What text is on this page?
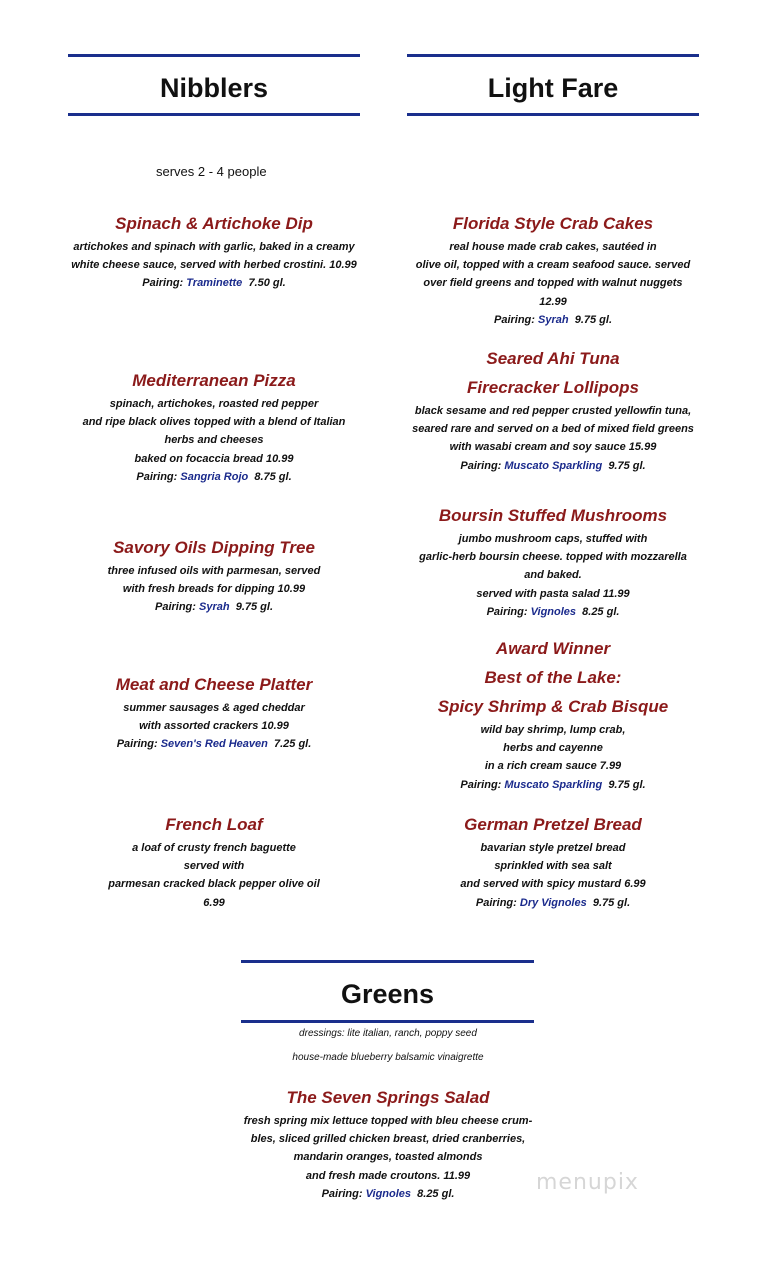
Nibblers	Light Fare
serves 2 - 4 people

Spinach & Artichoke Dip

artichokes and spinach with garlic, baked in a creamy

white cheese sauce, served with herbed crostini. 10.99

Pairing: Traminette 7.50 gl.

Mediterranean Pizza

spinach, artichokes, roasted red pepper

and ripe black olives topped with a blend of Italian

herbs and cheeses

baked on focaccia bread 10.99

Pairing: Sangria Rojo 8.75 gl.

Savory Oils Dipping Tree

three infused oils with parmesan, served

with fresh breads for dipping 10.99

Pairing: Syrah 9.75 gl.

Meat and Cheese Platter

summer sausages & aged cheddar

with assorted crackers 10.99

Pairing: Seven's Red Heaven 7.25 gl.

French Loaf

a loaf of crusty french baguette

served with

parmesan cracked black pepper olive oil

6.99

Florida Style Crab Cakes

real house made crab cakes, sautéed in

olive oil, topped with a cream seafood sauce. served

over field greens and topped with walnut nuggets

12.99

Pairing: Syrah 9.75 gl.

Seared Ahi Tuna

Firecracker Lollipops

black sesame and red pepper crusted yellowfin tuna,

seared rare and served on a bed of mixed field greens

with wasabi cream and soy sauce 15.99

Pairing: Muscato Sparkling 9.75 gl.

Boursin Stuffed Mushrooms

jumbo mushroom caps, stuffed with

garlic-herb boursin cheese. topped with mozzarella

and baked.

served with pasta salad 11.99

Pairing: Vignoles 8.25 gl.

Award Winner

Best of the Lake:

Spicy Shrimp & Crab Bisque

wild bay shrimp, lump crab,

herbs and cayenne

in a rich cream sauce 7.99

Pairing: Muscato Sparkling 9.75 gl.

German Pretzel Bread

bavarian style pretzel bread

sprinkled with sea salt

and served with spicy mustard 6.99

Pairing: Dry Vignoles 9.75 gl.

Greens

dressings: lite italian, ranch, poppy seed

house-made blueberry balsamic vinaigrette

The Seven Springs Salad

fresh spring mix lettuce topped with bleu cheese crum-

bles, sliced grilled chicken breast, dried cranberries,

mandarin oranges, toasted almonds

and fresh made croutons. 11.99

Pairing: Vignoles 8.25 gl.	menupix
